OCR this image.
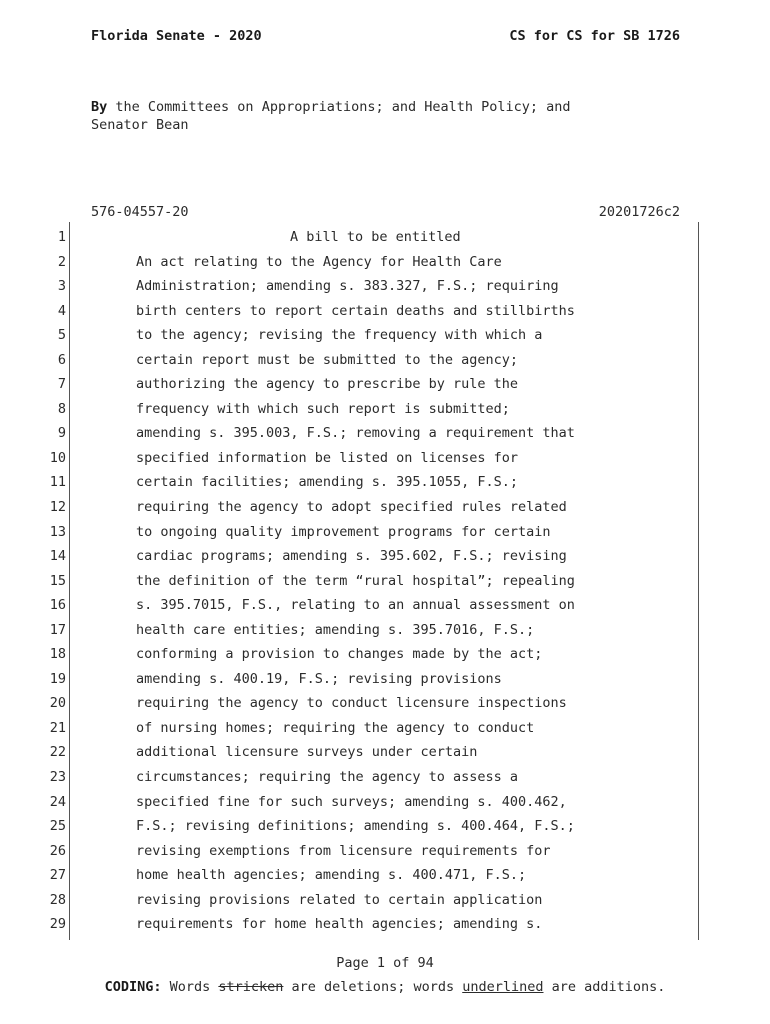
Florida Senate - 2020	CS for CS for SB 1726
By the Committees on Appropriations; and Health Policy; and
Senator Bean
576-04557-20	20201726c2
1	A bill to be entitled
2	An act relating to the Agency for Health Care
3	Administration; amending s. 383.327, F.S.; requiring
4	birth centers to report certain deaths and stillbirths
5	to the agency; revising the frequency with which a
6	certain report must be submitted to the agency;
7	authorizing the agency to prescribe by rule the
8	frequency with which such report is submitted;
9	amending s. 395.003, F.S.; removing a requirement that
10	specified information be listed on licenses for
11	certain facilities; amending s. 395.1055, F.S.;
12	requiring the agency to adopt specified rules related
13	to ongoing quality improvement programs for certain
14	cardiac programs; amending s. 395.602, F.S.; revising
15	the definition of the term “rural hospital”; repealing
16	s. 395.7015, F.S., relating to an annual assessment on
17	health care entities; amending s. 395.7016, F.S.;
18	conforming a provision to changes made by the act;
19	amending s. 400.19, F.S.; revising provisions
20	requiring the agency to conduct licensure inspections
21	of nursing homes; requiring the agency to conduct
22	additional licensure surveys under certain
23	circumstances; requiring the agency to assess a
24	specified fine for such surveys; amending s. 400.462,
25	F.S.; revising definitions; amending s. 400.464, F.S.;
26	revising exemptions from licensure requirements for
27	home health agencies; amending s. 400.471, F.S.;
28	revising provisions related to certain application
29	requirements for home health agencies; amending s.
Page 1 of 94
CODING: Words stricken are deletions; words underlined are additions.
